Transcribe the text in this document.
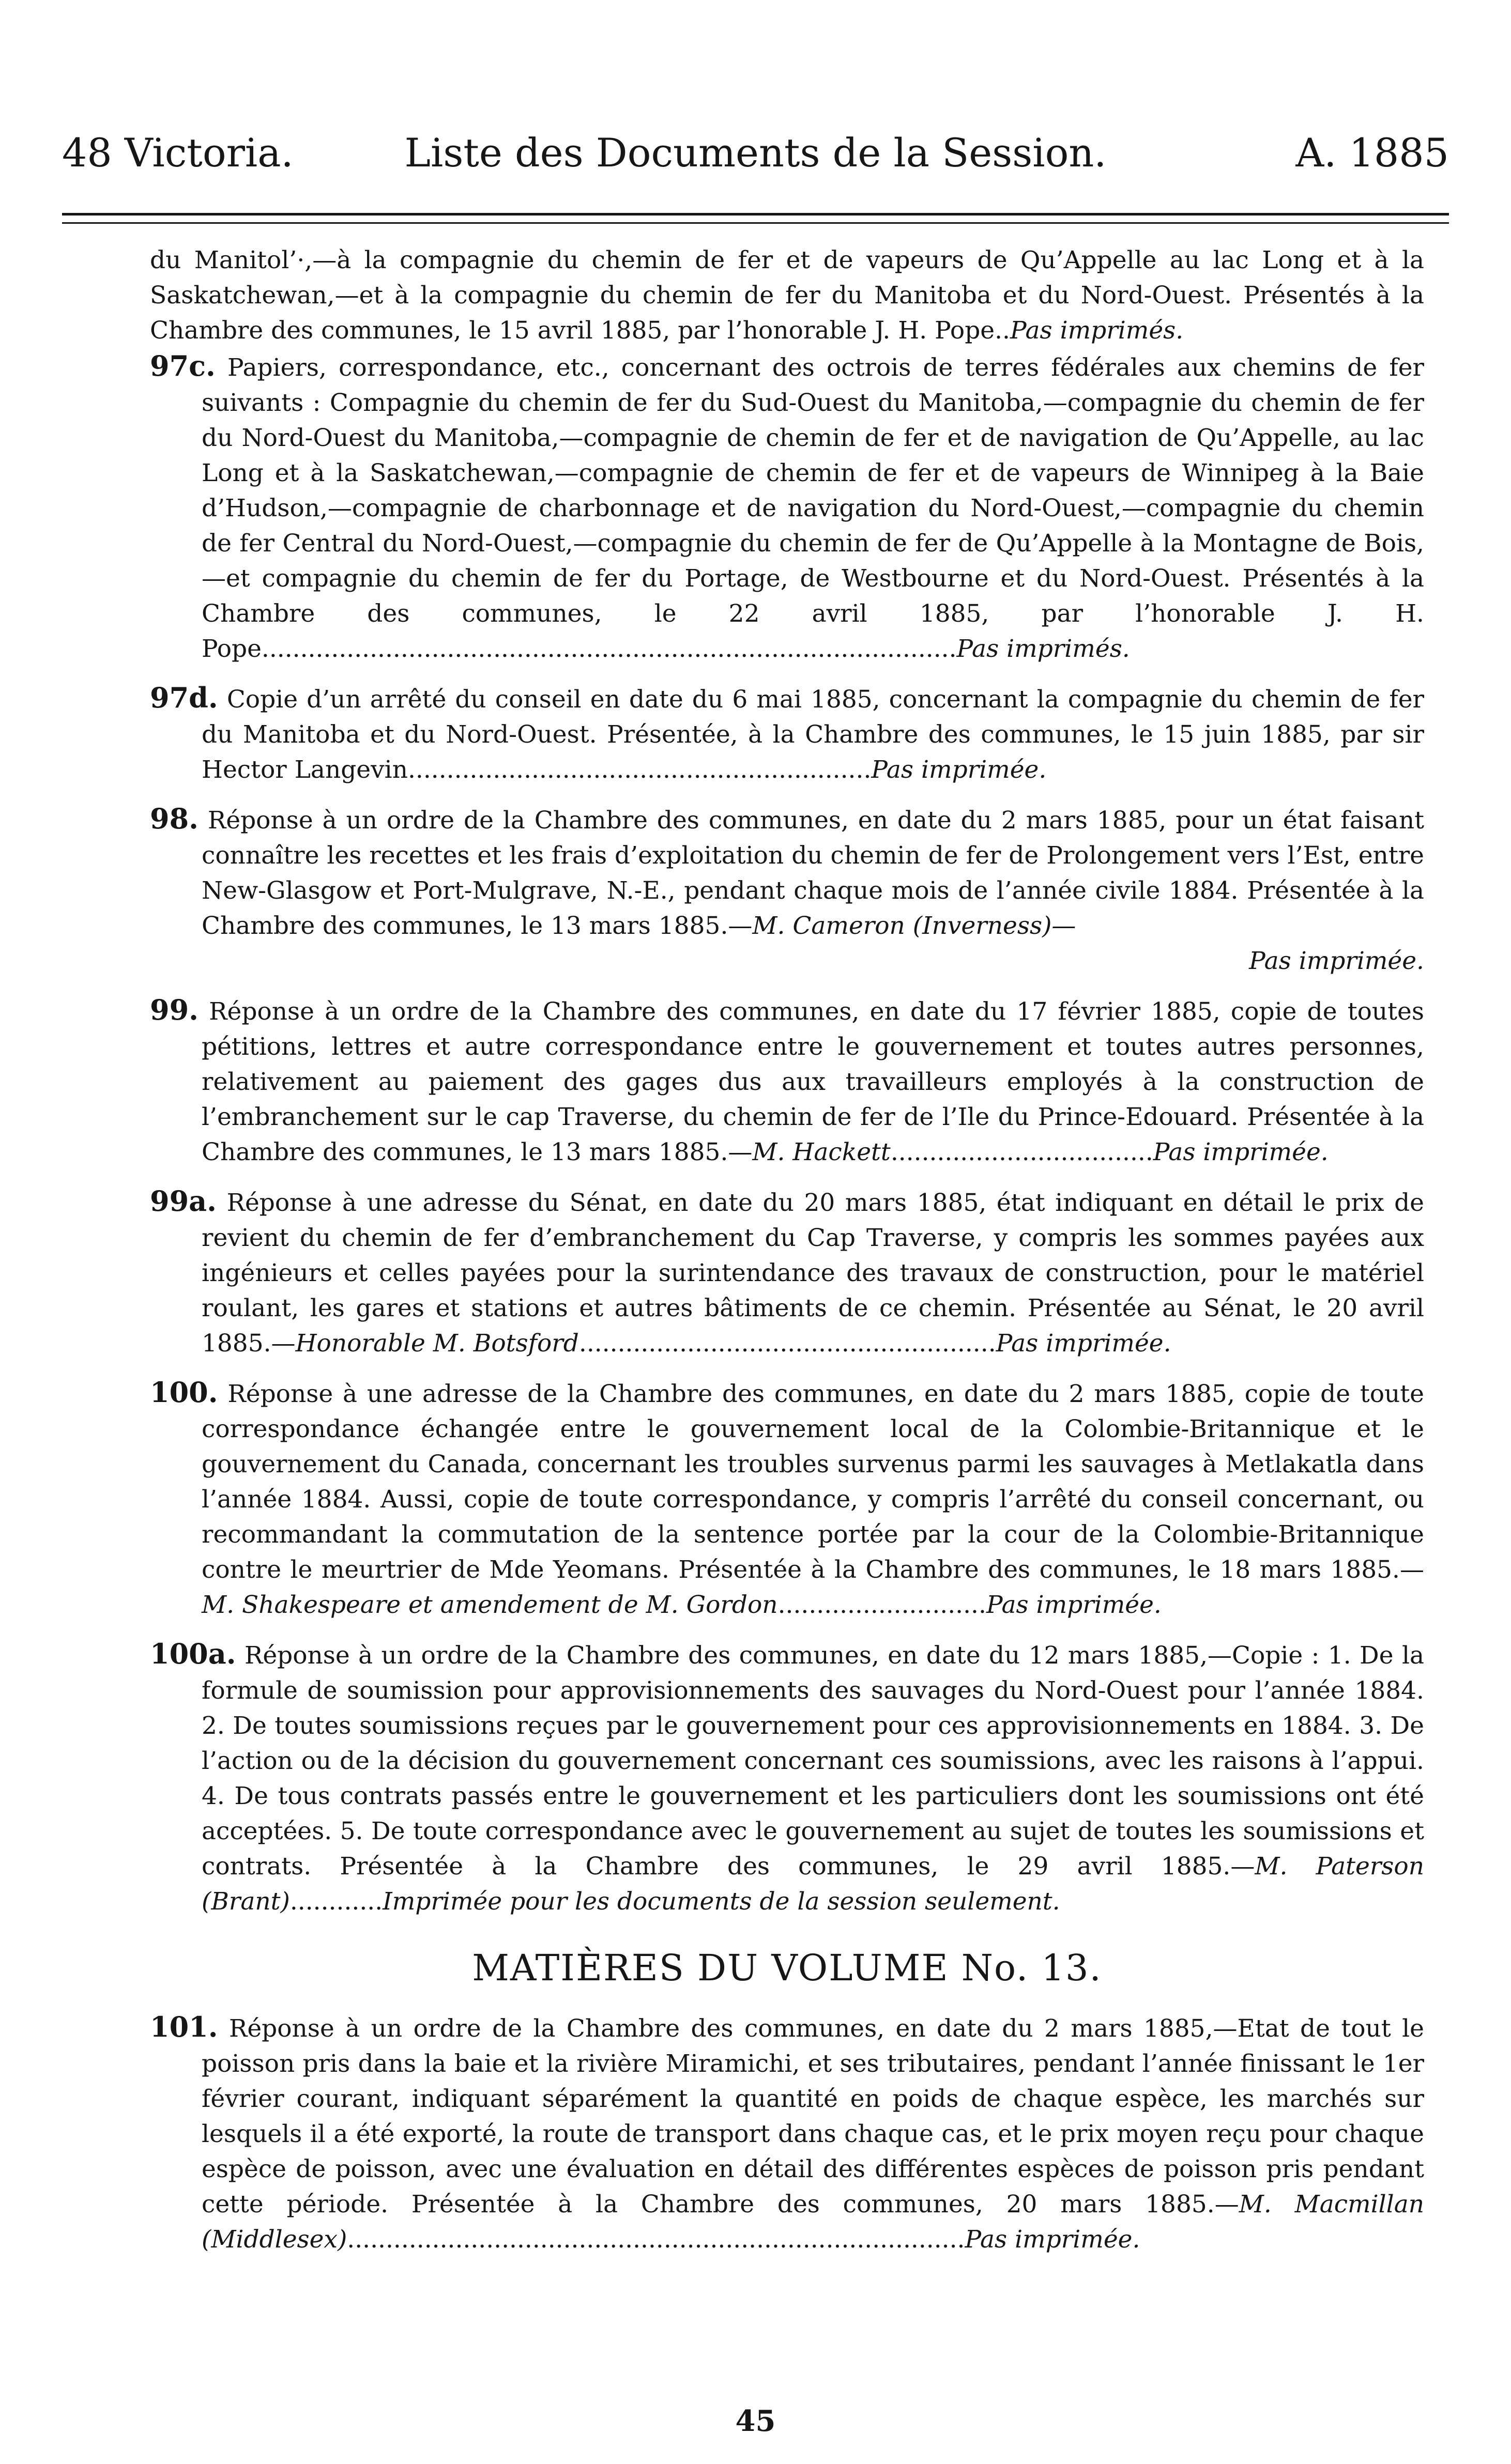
48 Victoria.	Liste des Documents de la Session.	A. 1885

du Manitol’·,—à la compagnie du chemin de fer et de vapeurs de Qu’Appelle au lac Long et à la Saskatchewan,—et à la compagnie du chemin de fer du Manitoba et du Nord-Ouest. Présentés à la Chambre des communes, le 15 avril 1885, par l’honorable J. H. Pope..Pas imprimés.

97c. Papiers, correspondance, etc., concernant des octrois de terres fédérales aux chemins de fer suivants : Compagnie du chemin de fer du Sud-Ouest du Manitoba,—compagnie du chemin de fer du Nord-Ouest du Manitoba,—compagnie de chemin de fer et de navigation de Qu’Appelle, au lac Long et à la Saskatchewan,—compagnie de chemin de fer et de vapeurs de Winnipeg à la Baie d’Hudson,—compagnie de charbonnage et de navigation du Nord-Ouest,—compagnie du chemin de fer Central du Nord-Ouest,—compagnie du chemin de fer de Qu’Appelle à la Montagne de Bois,—et compagnie du chemin de fer du Portage, de Westbourne et du Nord-Ouest. Présentés à la Chambre des communes, le 22 avril 1885, par l’honorable J. H. Pope..........................................................................................Pas imprimés.

97d. Copie d’un arrêté du conseil en date du 6 mai 1885, concernant la compagnie du chemin de fer du Manitoba et du Nord-Ouest. Présentée, à la Chambre des communes, le 15 juin 1885, par sir Hector Langevin............................................................Pas imprimée.

98. Réponse à un ordre de la Chambre des communes, en date du 2 mars 1885, pour un état faisant connaître les recettes et les frais d’exploitation du chemin de fer de Prolongement vers l’Est, entre New-Glasgow et Port-Mulgrave, N.-E., pendant chaque mois de l’année civile 1884. Présentée à la Chambre des communes, le 13 mars 1885.—M. Cameron (Inverness)—
Pas imprimée.

99. Réponse à un ordre de la Chambre des communes, en date du 17 février 1885, copie de toutes pétitions, lettres et autre correspondance entre le gouvernement et toutes autres personnes, relativement au paiement des gages dus aux travailleurs employés à la construction de l’embranchement sur le cap Traverse, du chemin de fer de l’Ile du Prince-Edouard. Présentée à la Chambre des communes, le 13 mars 1885.—M. Hackett..................................Pas imprimée.

99a. Réponse à une adresse du Sénat, en date du 20 mars 1885, état indiquant en détail le prix de revient du chemin de fer d’embranchement du Cap Traverse, y compris les sommes payées aux ingénieurs et celles payées pour la surintendance des travaux de construction, pour le matériel roulant, les gares et stations et autres bâtiments de ce chemin. Présentée au Sénat, le 20 avril 1885.—Honorable M. Botsford......................................................Pas imprimée.

100. Réponse à une adresse de la Chambre des communes, en date du 2 mars 1885, copie de toute correspondance échangée entre le gouvernement local de la Colombie-Britannique et le gouvernement du Canada, concernant les troubles survenus parmi les sauvages à Metlakatla dans l’année 1884. Aussi, copie de toute correspondance, y compris l’arrêté du conseil concernant, ou recommandant la commutation de la sentence portée par la cour de la Colombie-Britannique contre le meurtrier de Mde Yeomans. Présentée à la Chambre des communes, le 18 mars 1885.—M. Shakespeare et amendement de M. Gordon...........................Pas imprimée.

100a. Réponse à un ordre de la Chambre des communes, en date du 12 mars 1885,—Copie : 1. De la formule de soumission pour approvisionnements des sauvages du Nord-Ouest pour l’année 1884. 2. De toutes soumissions reçues par le gouvernement pour ces approvisionnements en 1884. 3. De l’action ou de la décision du gouvernement concernant ces soumissions, avec les raisons à l’appui. 4. De tous contrats passés entre le gouvernement et les particuliers dont les soumissions ont été acceptées. 5. De toute correspondance avec le gouvernement au sujet de toutes les soumissions et contrats. Présentée à la Chambre des communes, le 29 avril 1885.—M. Paterson (Brant)............Imprimée pour les documents de la session seulement.

MATIÈRES DU VOLUME No. 13.

101. Réponse à un ordre de la Chambre des communes, en date du 2 mars 1885,—Etat de tout le poisson pris dans la baie et la rivière Miramichi, et ses tributaires, pendant l’année finissant le 1er février courant, indiquant séparément la quantité en poids de chaque espèce, les marchés sur lesquels il a été exporté, la route de transport dans chaque cas, et le prix moyen reçu pour chaque espèce de poisson, avec une évaluation en détail des différentes espèces de poisson pris pendant cette période. Présentée à la Chambre des communes, 20 mars 1885.—M. Macmillan (Middlesex)................................................................................Pas imprimée.

45
